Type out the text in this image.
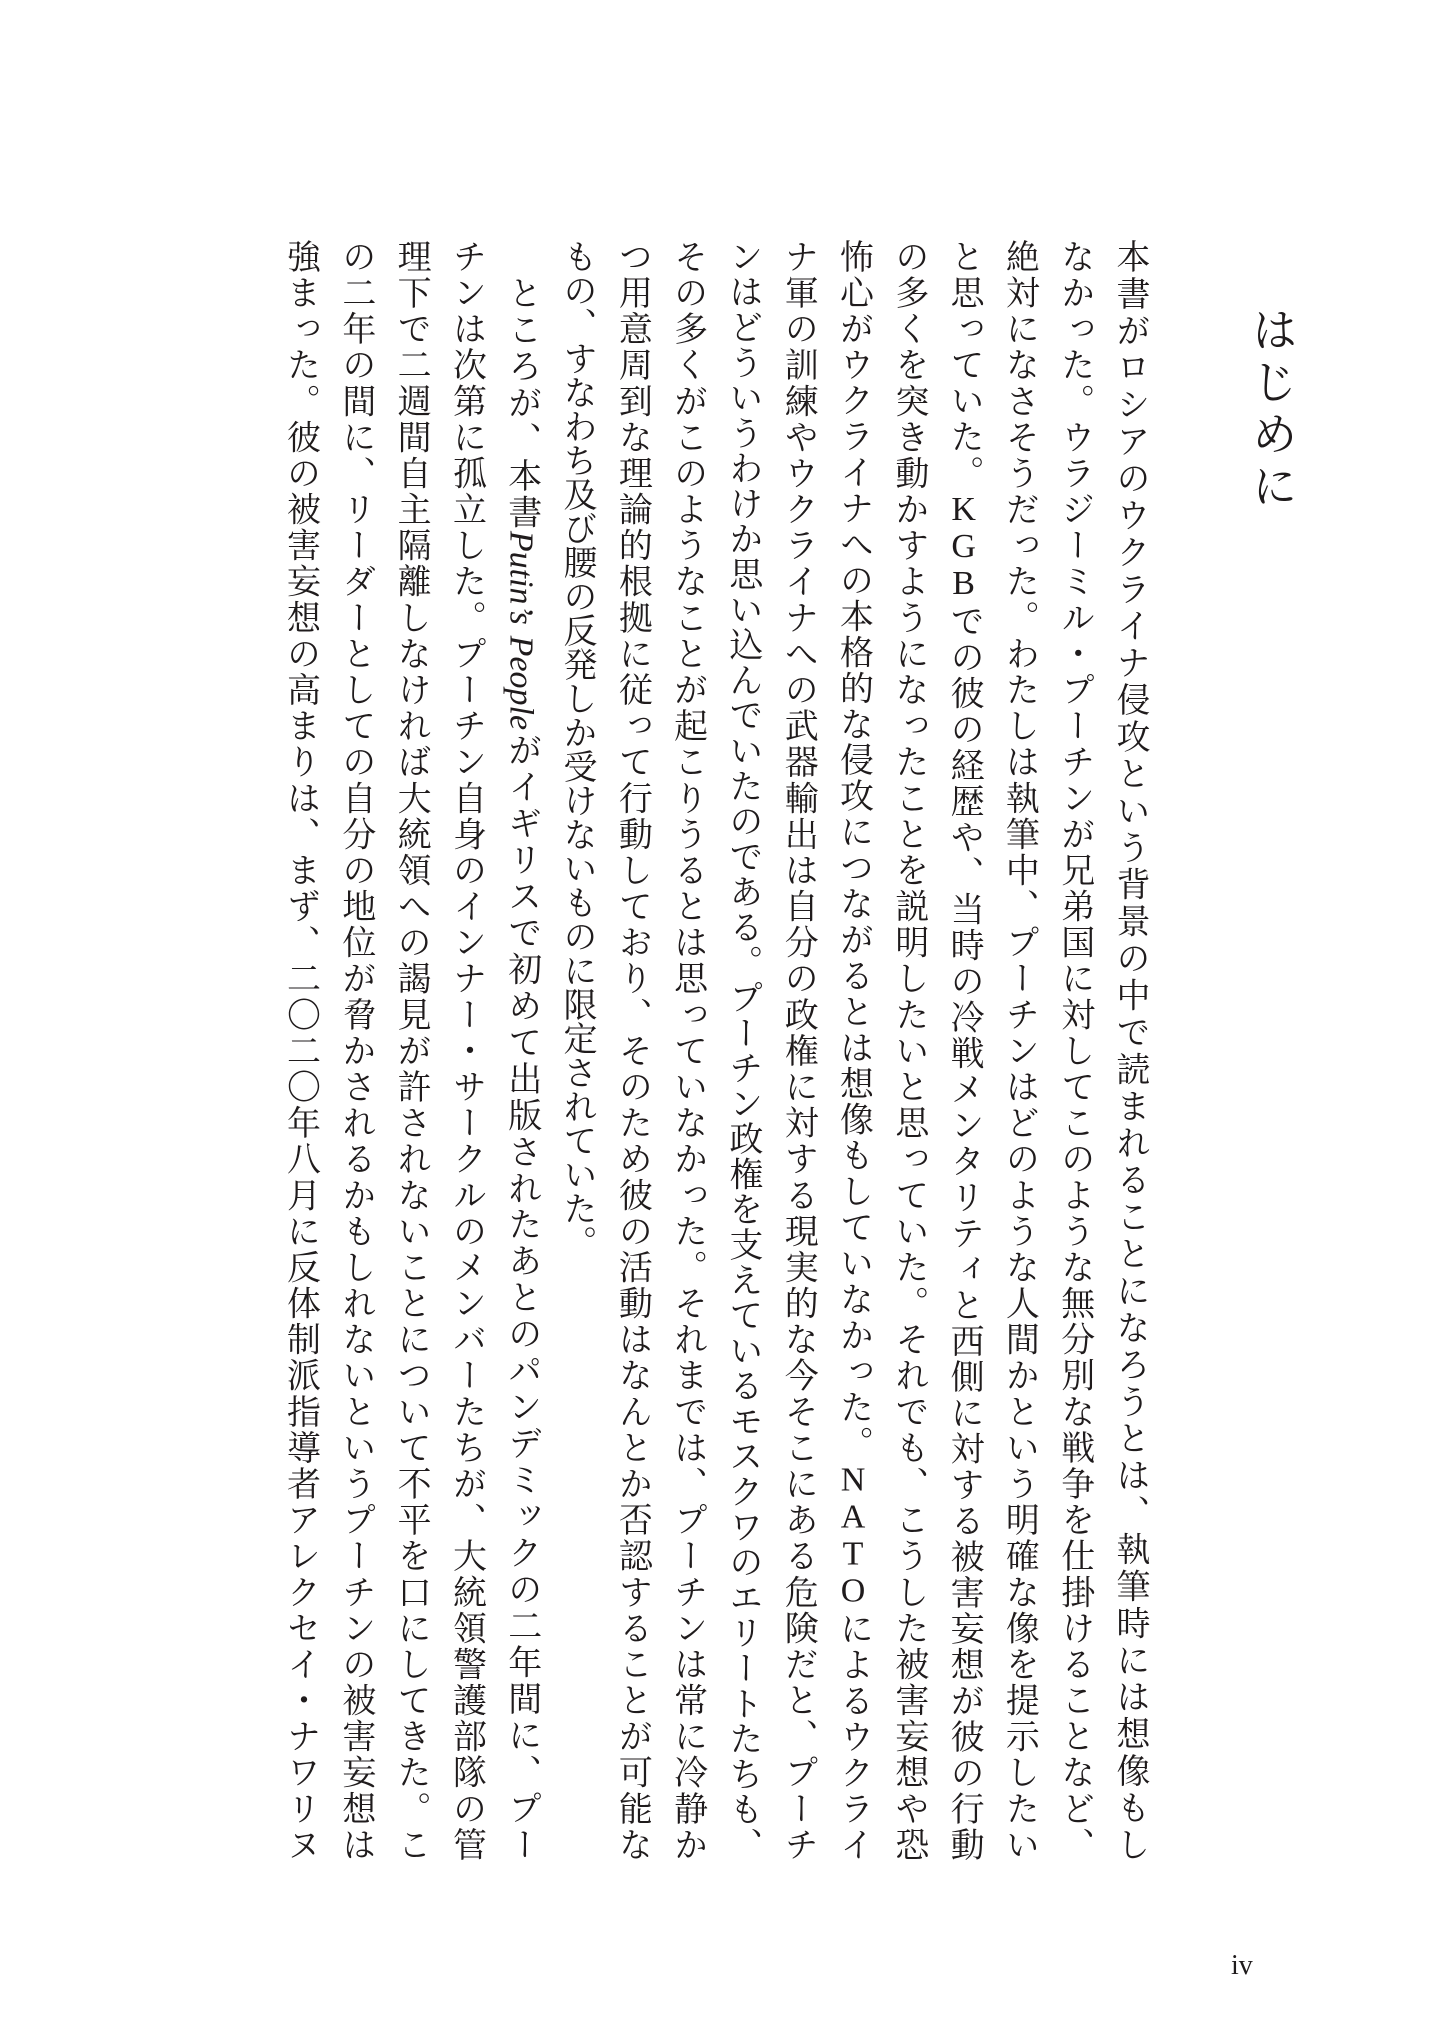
はじめに
本書がロシアのウクライナ侵攻という背景の中で読まれることになろうとは、執筆時には想像もし
なかった。ウラジーミル・プーチンが兄弟国に対してこのような無分別な戦争を仕掛けることなど、
絶対になさそうだった。わたしは執筆中、プーチンはどのような人間かという明確な像を提示したい
と思っていた。KGBでの彼の経歴や、当時の冷戦メンタリティと西側に対する被害妄想が彼の行動
の多くを突き動かすようになったことを説明したいと思っていた。それでも、こうした被害妄想や恐
怖心がウクライナへの本格的な侵攻につながるとは想像もしていなかった。NATOによるウクライ
ナ軍の訓練やウクライナへの武器輸出は自分の政権に対する現実的な今そこにある危険だと、プーチ
ンはどういうわけか思い込んでいたのである。プーチン政権を支えているモスクワのエリートたちも、
その多くがこのようなことが起こりうるとは思っていなかった。それまでは、プーチンは常に冷静か
つ用意周到な理論的根拠に従って行動しており、そのため彼の活動はなんとか否認することが可能な
もの、すなわち及び腰の反発しか受けないものに限定されていた。
　ところが、本書Putin’s Peopleがイギリスで初めて出版されたあとのパンデミックの二年間に、プー
チンは次第に孤立した。プーチン自身のインナー・サークルのメンバーたちが、大統領警護部隊の管
理下で二週間自主隔離しなければ大統領への謁見が許されないことについて不平を口にしてきた。こ
の二年の間に、リーダーとしての自分の地位が脅かされるかもしれないというプーチンの被害妄想は
強まった。彼の被害妄想の高まりは、まず、二〇二〇年八月に反体制派指導者アレクセイ・ナワリヌ
iv
